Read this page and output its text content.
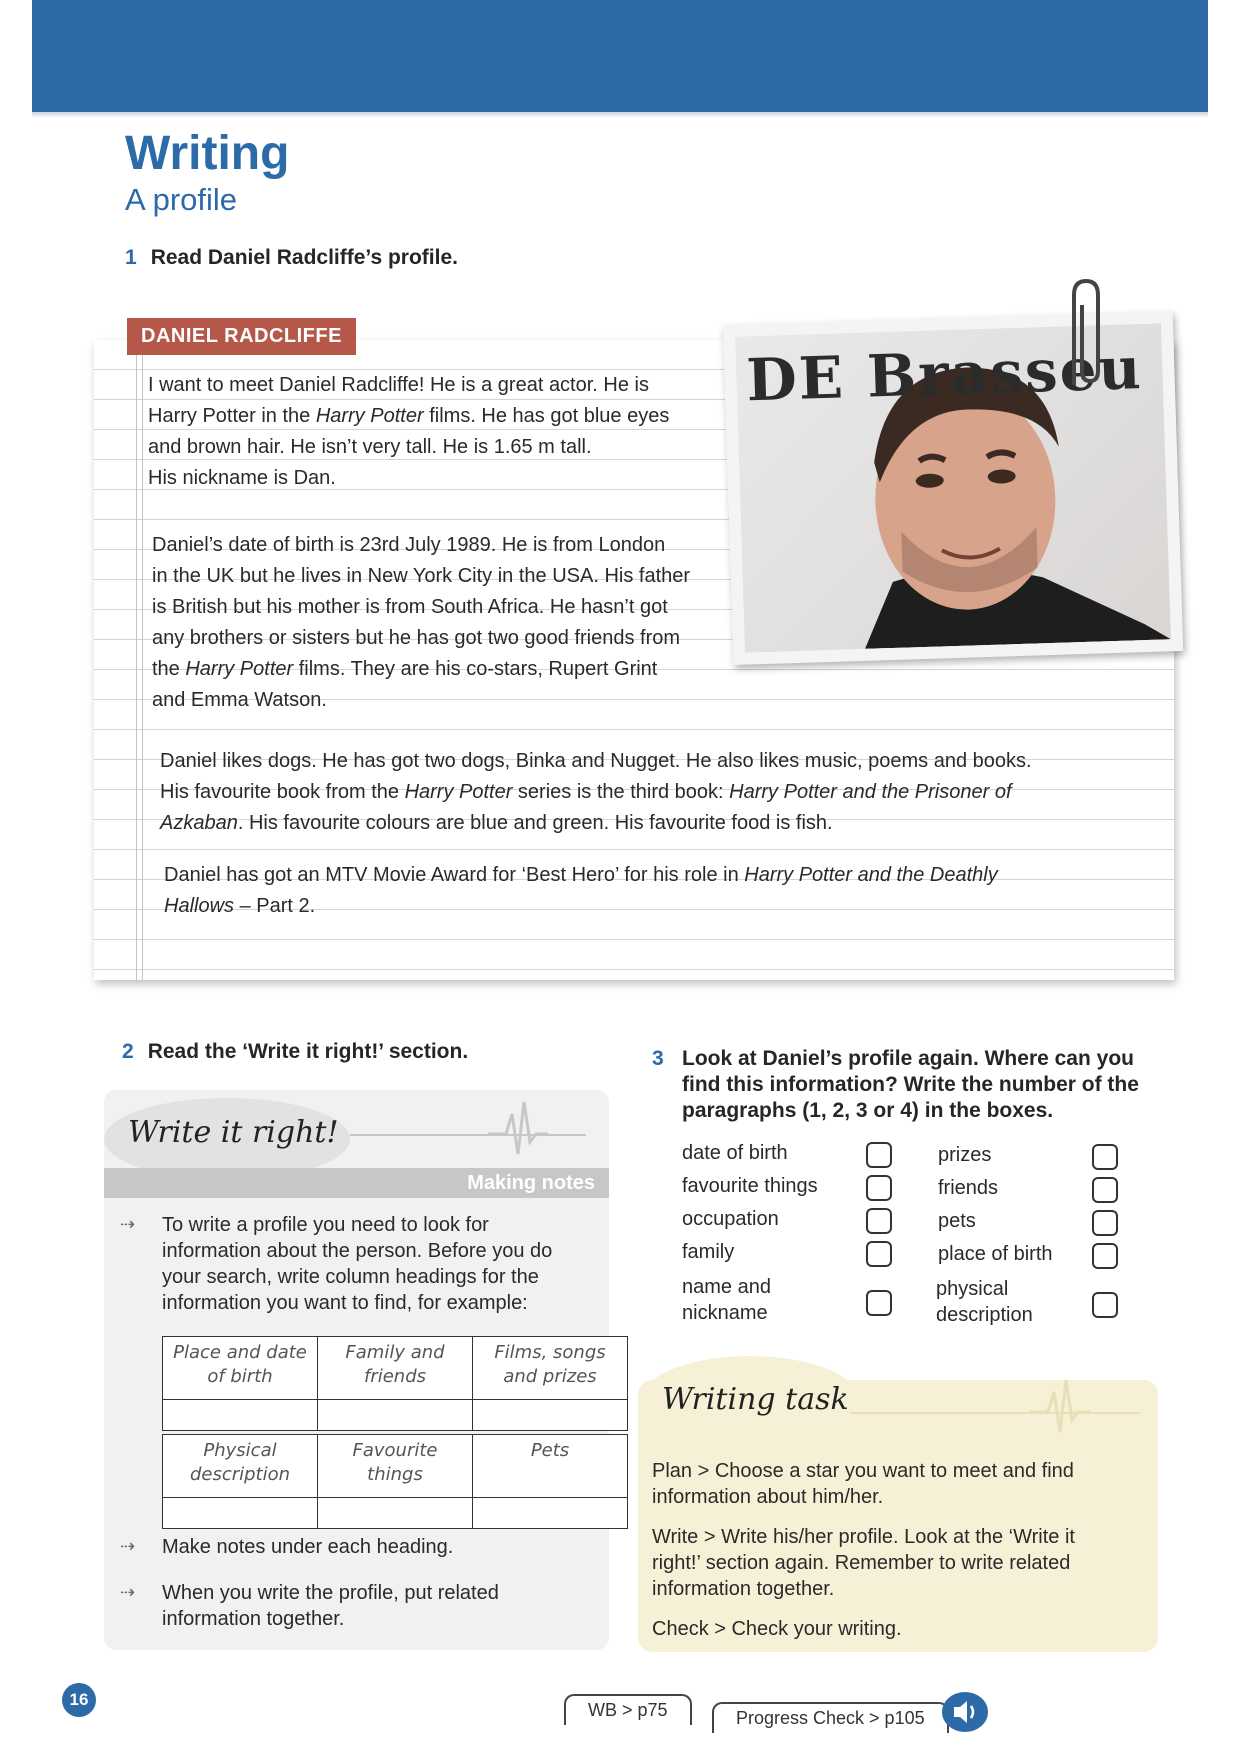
Writing
A profile
1 Read Daniel Radcliffe’s profile.
DANIEL RADCLIFFE
I want to meet Daniel Radcliffe! He is a great actor. He is
Harry Potter in the Harry Potter films. He has got blue eyes
and brown hair. He isn’t very tall. He is 1.65 m tall.
His nickname is Dan.
Daniel’s date of birth is 23rd July 1989. He is from London
in the UK but he lives in New York City in the USA. His father
is British but his mother is from South Africa. He hasn’t got
any brothers or sisters but he has got two good friends from
the Harry Potter films. They are his co-stars, Rupert Grint
and Emma Watson.
Daniel likes dogs. He has got two dogs, Binka and Nugget. He also likes music, poems and books.
His favourite book from the Harry Potter series is the third book: Harry Potter and the Prisoner of
Azkaban. His favourite colours are blue and green. His favourite food is fish.
Daniel has got an MTV Movie Award for ‘Best Hero’ for his role in Harry Potter and the Deathly
Hallows – Part 2.
DE Brasseu
2 Read the ‘Write it right!’ section.
Write it right!
Making notes
⇢ To write a profile you need to look for
information about the person. Before you do
your search, write column headings for the
information you want to find, for example:
Place and date of birth	Family and friends	Films, songs and prizes

Physical description	Favourite things	Pets

⇢ Make notes under each heading.
⇢ When you write the profile, put related
information together.
3 Look at Daniel’s profile again. Where can you
find this information? Write the number of the
paragraphs (1, 2, 3 or 4) in the boxes.
date of birth
favourite things
occupation
family
name and
nickname
prizes
friends
pets
place of birth
physical
description
Writing task
Plan > Choose a star you want to meet and find
information about him/her.
Write > Write his/her profile. Look at the ‘Write it
right!’ section again. Remember to write related
information together.
Check > Check your writing.
16
WB > p75	Progress Check > p105
